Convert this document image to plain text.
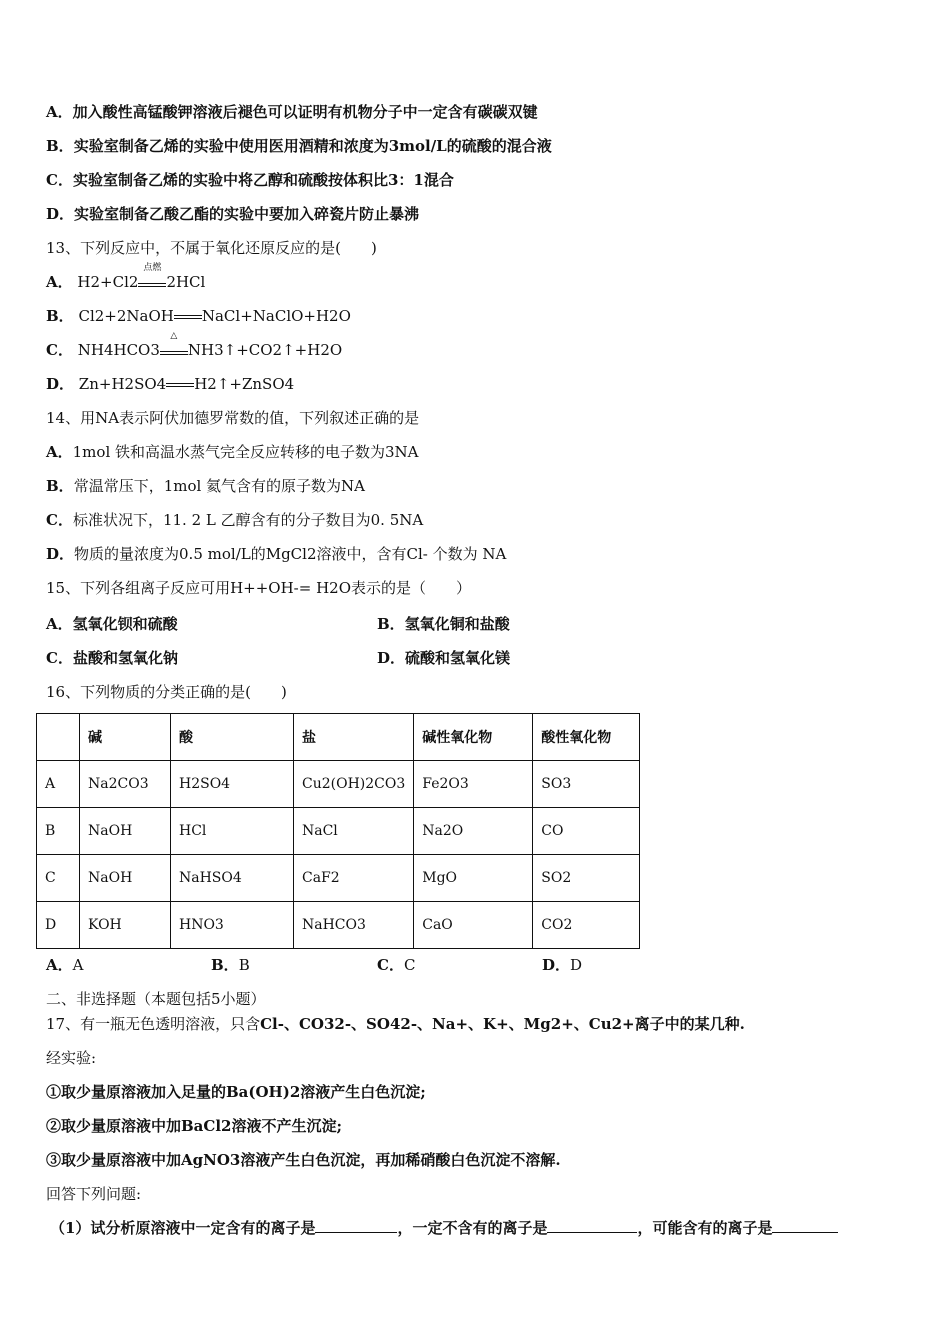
A．加入酸性高锰酸钾溶液后褪色可以证明有机物分子中一定含有碳碳双键
B．实验室制备乙烯的实验中使用医用酒精和浓度为3mol/L的硫酸的混合液
C．实验室制备乙烯的实验中将乙醇和硫酸按体积比3：1混合
D．实验室制备乙酸乙酯的实验中要加入碎瓷片防止暴沸
13、下列反应中，不属于氧化还原反应的是(　　)
A． H2+Cl2
点燃
2HCl
B． Cl2+2NaOH NaCl+NaClO+H2O
C． NH4HCO3
△
NH3↑+CO2↑+H2O
D． Zn+H2SO4 H2↑+ZnSO4
14、用NA表示阿伏加德罗常数的值，下列叙述正确的是
A．1mol 铁和高温水蒸气完全反应转移的电子数为3NA
B．常温常压下，1mol 氦气含有的原子数为NA
C．标准状况下，11. 2 L 乙醇含有的分子数目为0. 5NA
D．物质的量浓度为0.5 mol/L的MgCl2溶液中，含有Cl- 个数为 NA
15、下列各组离子反应可用H++OH-= H2O表示的是（　　）
A．氢氧化钡和硫酸	B．氢氧化铜和盐酸
C．盐酸和氢氧化钠	D．硫酸和氢氧化镁
16、下列物质的分类正确的是(　　)
	碱	酸	盐	碱性氧化物	酸性氧化物
A	Na2CO3	H2SO4	Cu2(OH)2CO3	Fe2O3	SO3
B	NaOH	HCl	NaCl	Na2O	CO
C	NaOH	NaHSO4	CaF2	MgO	SO2
D	KOH	HNO3	NaHCO3	CaO	CO2
A．A	B．B	C．C	D．D
二、非选择题（本题包括5小题）
17、有一瓶无色透明溶液，只含Cl-、CO32-、SO42-、Na+、K+、Mg2+、Cu2+离子中的某几种.
经实验:
①取少量原溶液加入足量的Ba(OH)2溶液产生白色沉淀;
②取少量原溶液中加BaCl2溶液不产生沉淀;
③取少量原溶液中加AgNO3溶液产生白色沉淀，再加稀硝酸白色沉淀不溶解.
回答下列问题:
（1）试分析原溶液中一定含有的离子是	，一定不含有的离子是	，可能含有的离子是
